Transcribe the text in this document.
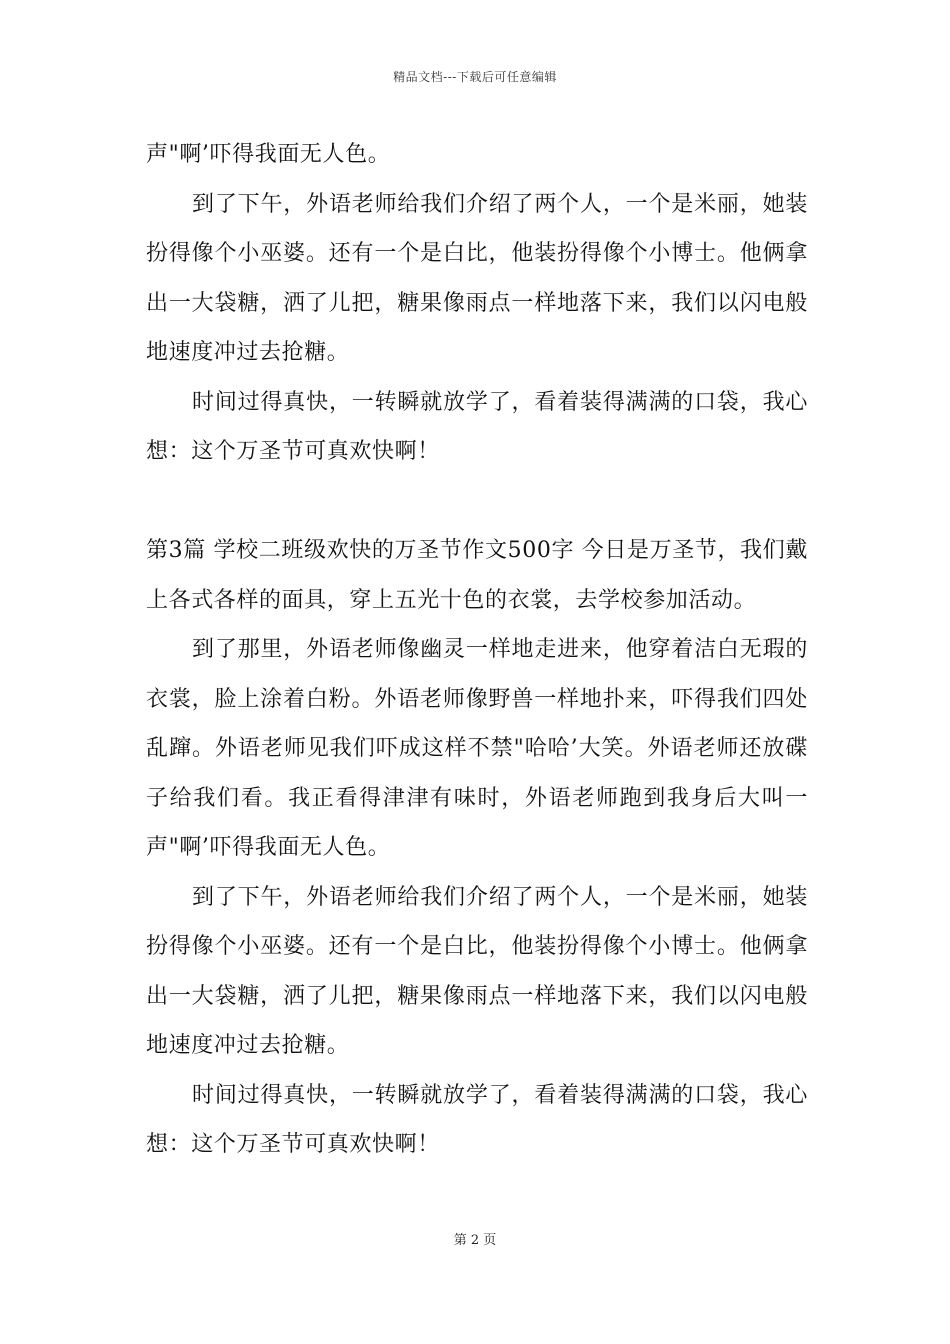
精品文档---下载后可任意编辑

声"啊’吓得我面无人色。

到了下午，外语老师给我们介绍了两个人，一个是米丽，她装扮得像个小巫婆。还有一个是白比，他装扮得像个小博士。他俩拿出一大袋糖，洒了儿把，糖果像雨点一样地落下来，我们以闪电般地速度冲过去抢糖。

时间过得真快，一转瞬就放学了，看着装得满满的口袋，我心想：这个万圣节可真欢快啊！

第3篇 学校二班级欢快的万圣节作文500字 今日是万圣节，我们戴上各式各样的面具，穿上五光十色的衣裳，去学校参加活动。

到了那里，外语老师像幽灵一样地走进来，他穿着洁白无瑕的衣裳，脸上涂着白粉。外语老师像野兽一样地扑来，吓得我们四处乱蹿。外语老师见我们吓成这样不禁"哈哈’大笑。外语老师还放碟子给我们看。我正看得津津有味时，外语老师跑到我身后大叫一声"啊’吓得我面无人色。

到了下午，外语老师给我们介绍了两个人，一个是米丽，她装扮得像个小巫婆。还有一个是白比，他装扮得像个小博士。他俩拿出一大袋糖，洒了儿把，糖果像雨点一样地落下来，我们以闪电般地速度冲过去抢糖。

时间过得真快，一转瞬就放学了，看着装得满满的口袋，我心想：这个万圣节可真欢快啊！

第 2 页
